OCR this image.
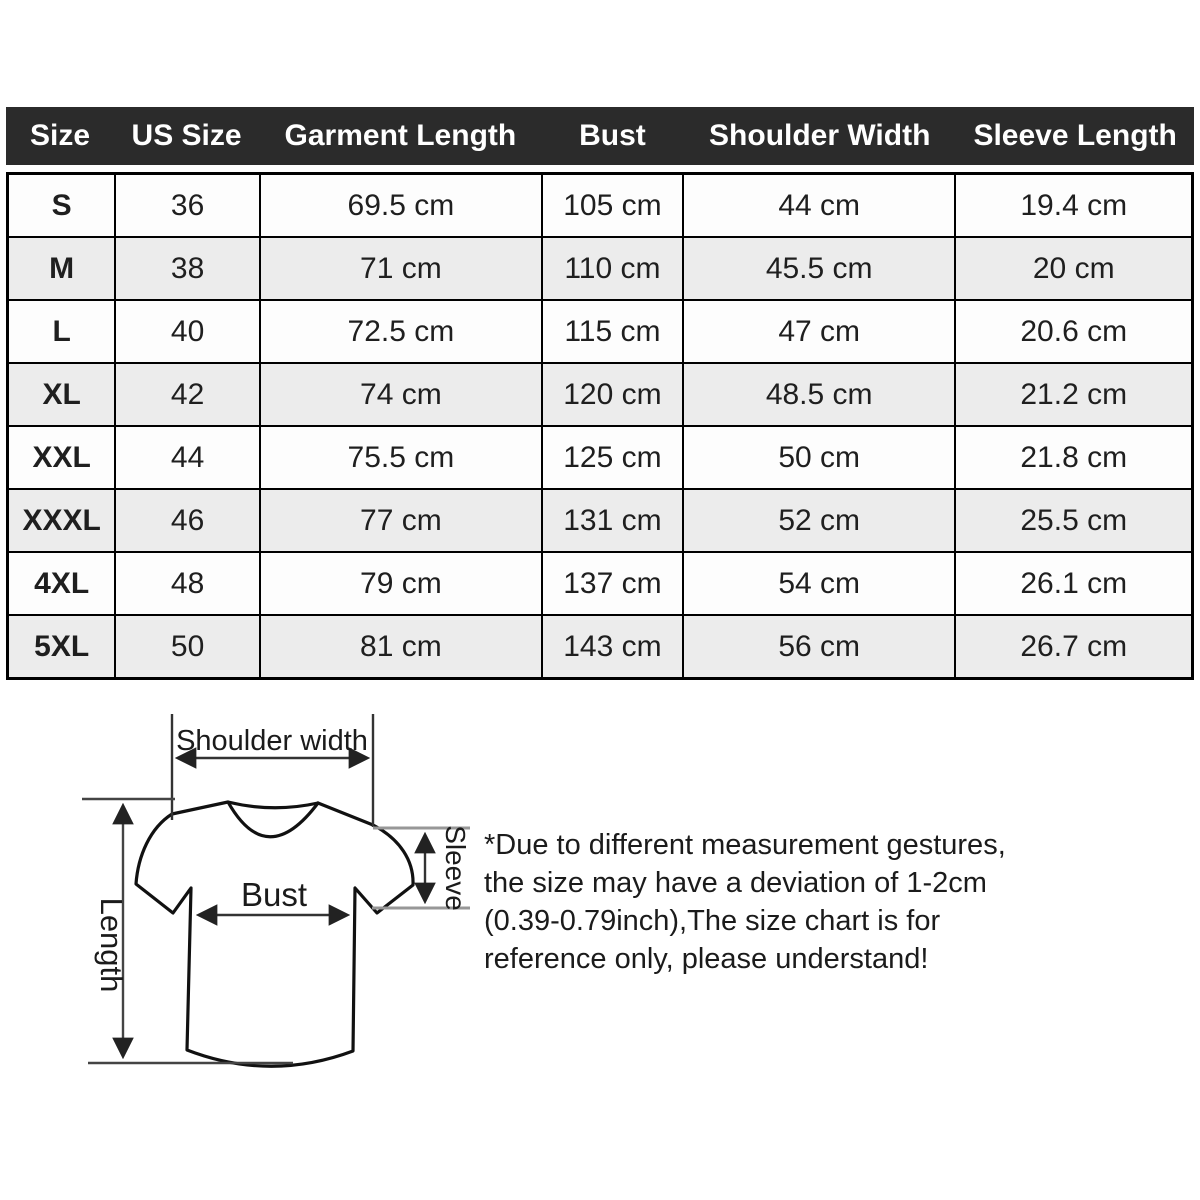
Size	US Size	Garment Length	Bust	Shoulder Width	Sleeve Length
S	36	69.5 cm	105 cm	44 cm	19.4 cm
M	38	71 cm	110 cm	45.5 cm	20 cm
L	40	72.5 cm	115 cm	47 cm	20.6 cm
XL	42	74 cm	120 cm	48.5 cm	21.2 cm
XXL	44	75.5 cm	125 cm	50 cm	21.8 cm
XXXL	46	77 cm	131 cm	52 cm	25.5 cm
4XL	48	79 cm	137 cm	54 cm	26.1 cm
5XL	50	81 cm	143 cm	56 cm	26.7 cm
Shoulder width
Length
Bust	Sleeve *Due to different measurement gestures,
the size may have a deviation of 1-2cm
(0.39-0.79inch),The size chart is for
reference only, please understand!
